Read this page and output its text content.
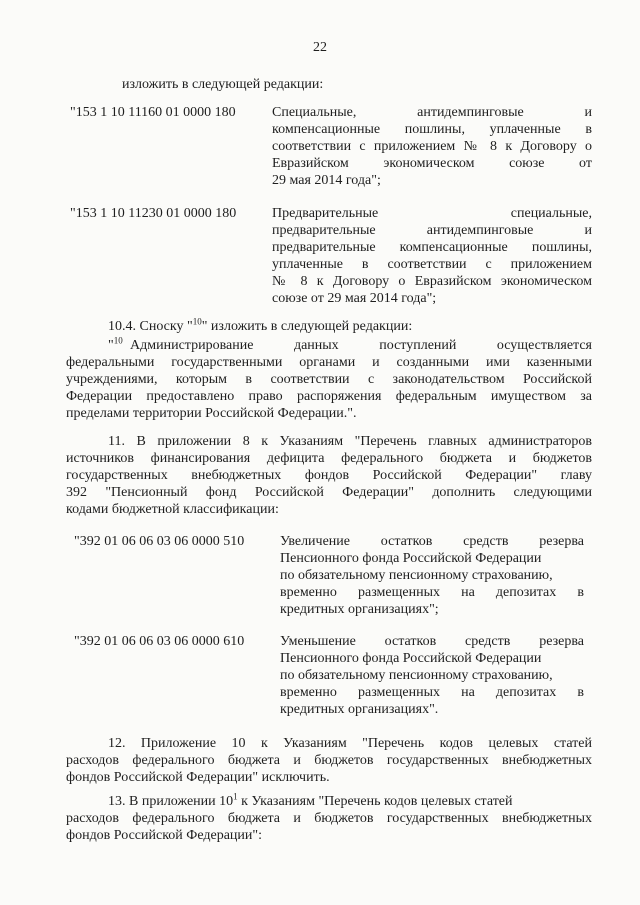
22
изложить в следующей редакции:
"153 1 10 11160 01 0000 180	Специальные, антидемпинговые и
компенсационные пошлины, уплаченные в
соответствии с приложением № 8 к Договору о
Евразийском экономическом союзе от
29 мая 2014 года";
"153 1 10 11230 01 0000 180	Предварительные специальные,
предварительные антидемпинговые и
предварительные компенсационные пошлины,
уплаченные в соответствии с приложением
№ 8 к Договору о Евразийском экономическом
союзе от 29 мая 2014 года";
10.4. Сноску "$^{10}$" изложить в следующей редакции:
"$^{10}$ Администрирование данных поступлений осуществляется
федеральными государственными органами и созданными ими казенными
учреждениями, которым в соответствии с законодательством Российской
Федерации предоставлено право распоряжения федеральным имуществом за
пределами территории Российской Федерации.".
11. В приложении 8 к Указаниям "Перечень главных администраторов
источников финансирования дефицита федерального бюджета и бюджетов
государственных внебюджетных фондов Российской Федерации" главу
392 "Пенсионный фонд Российской Федерации" дополнить следующими
кодами бюджетной классификации:
"392 01 06 06 03 06 0000 510	Увеличение остатков средств резерва
Пенсионного фонда Российской Федерации
по обязательному пенсионному страхованию,
временно размещенных на депозитах в
кредитных организациях";
"392 01 06 06 03 06 0000 610	Уменьшение остатков средств резерва
Пенсионного фонда Российской Федерации
по обязательному пенсионному страхованию,
временно размещенных на депозитах в
кредитных организациях".
12. Приложение 10 к Указаниям "Перечень кодов целевых статей
расходов федерального бюджета и бюджетов государственных внебюджетных
фондов Российской Федерации" исключить.
13. В приложении $10^1$ к Указаниям "Перечень кодов целевых статей
расходов федерального бюджета и бюджетов государственных внебюджетных
фондов Российской Федерации":
